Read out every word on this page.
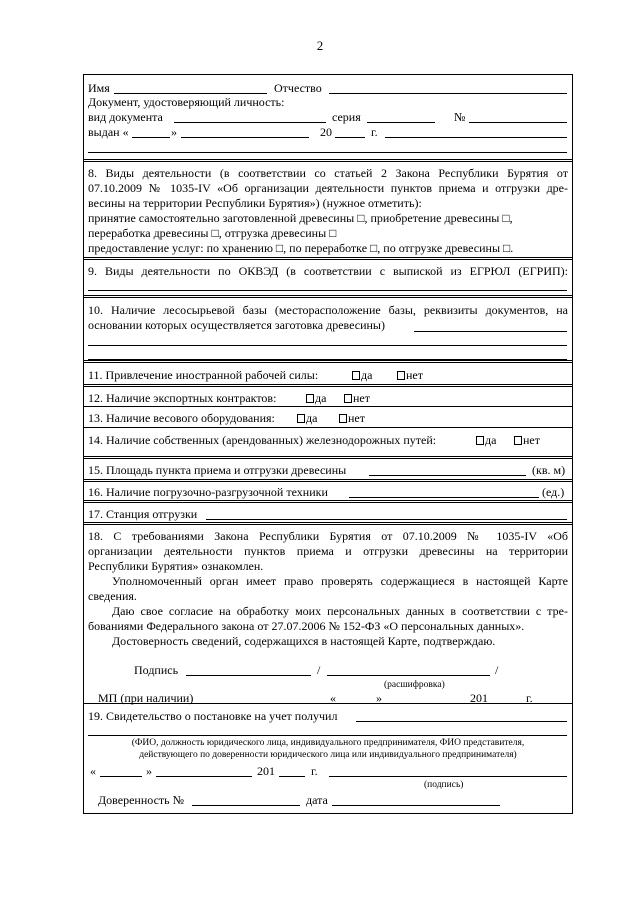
2
Имя	Отчество
Документ, удостоверяющий личность:
вид документа	серия	№
выдан «	»	20	г.
8. Виды деятельности (в соответствии со статьей 2 Закона Республики Бурятия от
07.10.2009 № 1035-IV «Об организации деятельности пунктов приема и отгрузки дре-
весины на территории Республики Бурятия») (нужное отметить):
принятие самостоятельно заготовленной древесины □, приобретение древесины □,
переработка древесины □, отгрузка древесины □
предоставление услуг: по хранению □, по переработке □, по отгрузке древесины □.
9. Виды деятельности по ОКВЭД (в соответствии с выпиской из ЕГРЮЛ (ЕГРИП):
10. Наличие лесосырьевой базы (месторасположение базы, реквизиты документов, на
основании которых осуществляется заготовка древесины)
11. Привлечение иностранной рабочей силы:	да	нет
12. Наличие экспортных контрактов:	да	нет
13. Наличие весового оборудования:	да	нет
14. Наличие собственных (арендованных) железнодорожных путей:	да	нет
15. Площадь пункта приема и отгрузки древесины	(кв. м)
16. Наличие погрузочно-разгрузочной техники	(ед.)
17. Станция отгрузки
18. С требованиями Закона Республики Бурятия от 07.10.2009 № 1035-IV «Об
организации деятельности пунктов приема и отгрузки древесины на территории
Республики Бурятия» ознакомлен.
Уполномоченный орган имеет право проверять содержащиеся в настоящей Карте
сведения.
Даю свое согласие на обработку моих персональных данных в соответствии с тре-
бованиями Федерального закона от 27.07.2006 № 152-ФЗ «О персональных данных».
Достоверность сведений, содержащихся в настоящей Карте, подтверждаю.
Подпись	/	/
(расшифровка)
МП (при наличии)	«	»	201	г.
19. Свидетельство о постановке на учет получил
(ФИО, должность юридического лица, индивидуального предпринимателя, ФИО представителя,
действующего по доверенности юридического лица или индивидуального предпринимателя)
«	»	201	г.
(подпись)
Доверенность №	дата
